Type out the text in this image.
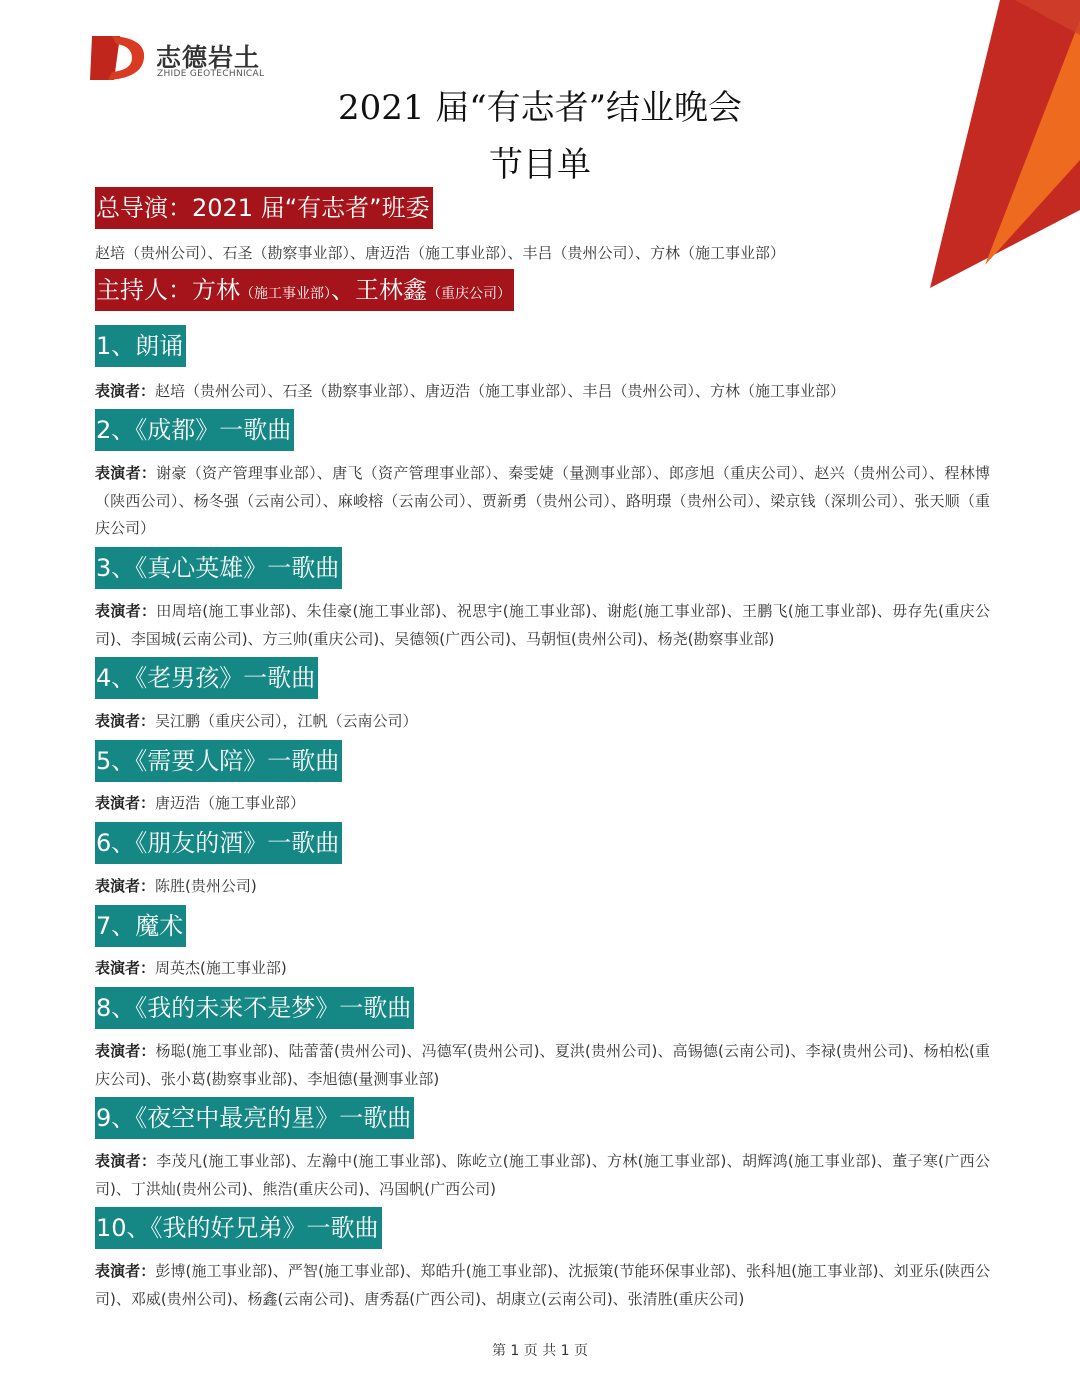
志德岩土
ZHIDE GEOTECHNICAL
2021 届“有志者”结业晚会
节目单
总导演：2021 届“有志者”班委
赵培（贵州公司）、石圣（勘察事业部）、唐迈浩（施工事业部）、丰吕（贵州公司）、方林（施工事业部）
主持人：方林（施工事业部）、王林鑫（重庆公司）
1、朗诵
表演者：赵培（贵州公司）、石圣（勘察事业部）、唐迈浩（施工事业部）、丰吕（贵州公司）、方林（施工事业部）
2、《成都》一歌曲
表演者：谢豪（资产管理事业部）、唐飞（资产管理事业部）、秦雯婕（量测事业部）、郎彦旭（重庆公司）、赵兴（贵州公司）、程林博（陕西公司）、杨冬强（云南公司）、麻峻榕（云南公司）、贾新勇（贵州公司）、路明璟（贵州公司）、梁京钱（深圳公司）、张天顺（重庆公司）
3、《真心英雄》一歌曲
表演者：田周培(施工事业部)、朱佳豪(施工事业部)、祝思宇(施工事业部)、谢彪(施工事业部)、王鹏飞(施工事业部)、毋存先(重庆公司)、李国城(云南公司)、方三帅(重庆公司)、吴德领(广西公司)、马朝恒(贵州公司)、杨尧(勘察事业部)
4、《老男孩》一歌曲
表演者：吴江鹏（重庆公司），江帆（云南公司）
5、《需要人陪》一歌曲
表演者：唐迈浩（施工事业部）
6、《朋友的酒》一歌曲
表演者：陈胜(贵州公司)
7、魔术
表演者：周英杰(施工事业部)
8、《我的未来不是梦》一歌曲
表演者：杨聪(施工事业部)、陆蕾蕾(贵州公司)、冯德军(贵州公司)、夏洪(贵州公司)、高锡德(云南公司)、李禄(贵州公司)、杨柏松(重庆公司)、张小葛(勘察事业部)、李旭德(量测事业部)
9、《夜空中最亮的星》一歌曲
表演者：李茂凡(施工事业部)、左瀚中(施工事业部)、陈屹立(施工事业部)、方林(施工事业部)、胡辉鸿(施工事业部)、董子寒(广西公司)、丁洪灿(贵州公司)、熊浩(重庆公司)、冯国帆(广西公司)
10、《我的好兄弟》一歌曲
表演者：彭博(施工事业部)、严智(施工事业部)、郑皓升(施工事业部)、沈振策(节能环保事业部)、张科旭(施工事业部)、刘亚乐(陕西公司)、邓威(贵州公司)、杨鑫(云南公司)、唐秀磊(广西公司)、胡康立(云南公司)、张清胜(重庆公司)
第 1 页 共 1 页
